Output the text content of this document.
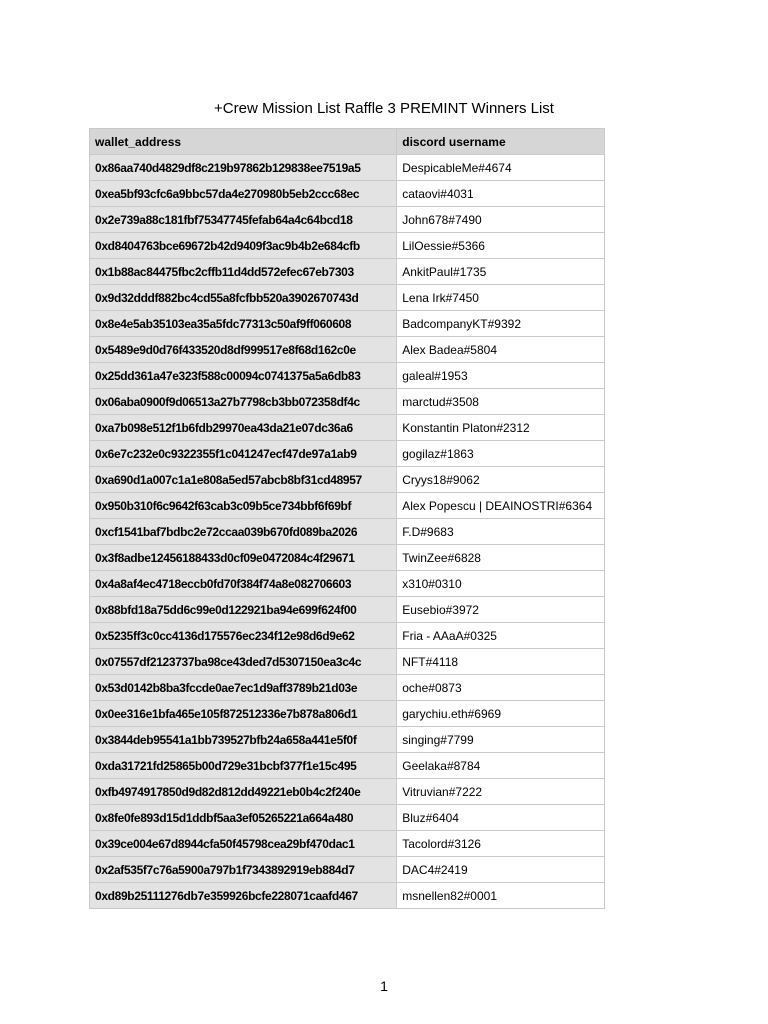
+Crew Mission List Raffle 3 PREMINT Winners List
wallet_address	discord username
0x86aa740d4829df8c219b97862b129838ee7519a5	DespicableMe#4674
0xea5bf93cfc6a9bbc57da4e270980b5eb2ccc68ec	cataovi#4031
0x2e739a88c181fbf75347745fefab64a4c64bcd18	John678#7490
0xd8404763bce69672b42d9409f3ac9b4b2e684cfb	LilOessie#5366
0x1b88ac84475fbc2cffb11d4dd572efec67eb7303	AnkitPaul#1735
0x9d32dddf882bc4cd55a8fcfbb520a3902670743d	Lena Irk#7450
0x8e4e5ab35103ea35a5fdc77313c50af9ff060608	BadcompanyKT#9392
0x5489e9d0d76f433520d8df999517e8f68d162c0e	Alex Badea#5804
0x25dd361a47e323f588c00094c0741375a5a6db83	galeal#1953
0x06aba0900f9d06513a27b7798cb3bb072358df4c	marctud#3508
0xa7b098e512f1b6fdb29970ea43da21e07dc36a6	Konstantin Platon#2312
0x6e7c232e0c9322355f1c041247ecf47de97a1ab9	gogilaz#1863
0xa690d1a007c1a1e808a5ed57abcb8bf31cd48957	Cryys18#9062
0x950b310f6c9642f63cab3c09b5ce734bbf6f69bf	Alex Popescu | DEAINOSTRI#6364
0xcf1541baf7bdbc2e72ccaa039b670fd089ba2026	F.D#9683
0x3f8adbe12456188433d0cf09e0472084c4f29671	TwinZee#6828
0x4a8af4ec4718eccb0fd70f384f74a8e082706603	x310#0310
0x88bfd18a75dd6c99e0d122921ba94e699f624f00	Eusebio#3972
0x5235ff3c0cc4136d175576ec234f12e98d6d9e62	Fria - AAaA#0325
0x07557df2123737ba98ce43ded7d5307150ea3c4c	NFT#4118
0x53d0142b8ba3fccde0ae7ec1d9aff3789b21d03e	oche#0873
0x0ee316e1bfa465e105f872512336e7b878a806d1	garychiu.eth#6969
0x3844deb95541a1bb739527bfb24a658a441e5f0f	singing#7799
0xda31721fd25865b00d729e31bcbf377f1e15c495	Geelaka#8784
0xfb4974917850d9d82d812dd49221eb0b4c2f240e	Vitruvian#7222
0x8fe0fe893d15d1ddbf5aa3ef05265221a664a480	Bluz#6404
0x39ce004e67d8944cfa50f45798cea29bf470dac1	Tacolord#3126
0x2af535f7c76a5900a797b1f7343892919eb884d7	DAC4#2419
0xd89b25111276db7e359926bcfe228071caafd467	msnellen82#0001
1
